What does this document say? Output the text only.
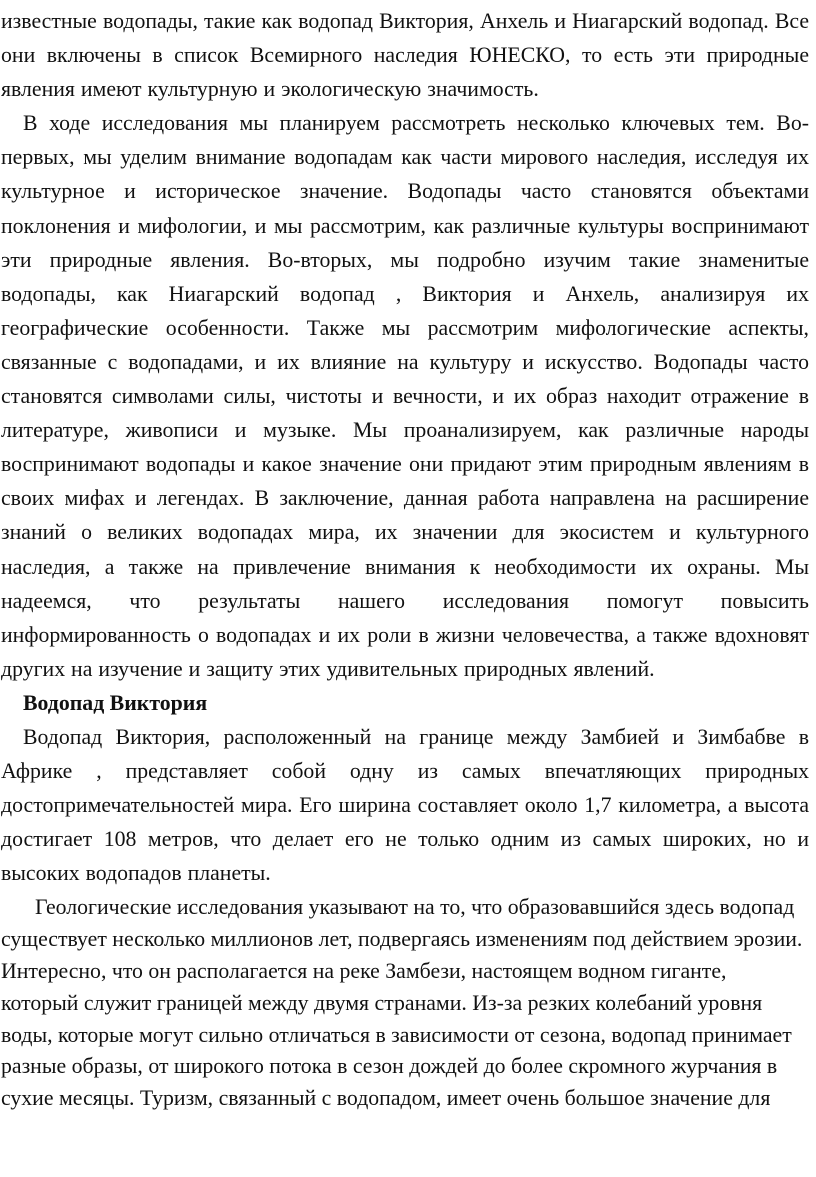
известные водопады, такие как водопад Виктория, Анхель и Ниагарский водопад. Все они включены в список Всемирного наследия ЮНЕСКО, то есть эти природные явления имеют культурную и экологическую значимость.

В ходе исследования мы планируем рассмотреть несколько ключевых тем. Во-первых, мы уделим внимание водопадам как части мирового наследия, исследуя их культурное и историческое значение. Водопады часто становятся объектами поклонения и мифологии, и мы рассмотрим, как различные культуры воспринимают эти природные явления. Во-вторых, мы подробно изучим такие знаменитые водопады, как Ниагарский водопад , Виктория и Анхель, анализируя их географические особенности. Также мы рассмотрим мифологические аспекты, связанные с водопадами, и их влияние на культуру и искусство. Водопады часто становятся символами силы, чистоты и вечности, и их образ находит отражение в литературе, живописи и музыке. Мы проанализируем, как различные народы воспринимают водопады и какое значение они придают этим природным явлениям в своих мифах и легендах. В заключение, данная работа направлена на расширение знаний о великих водопадах мира, их значении для экосистем и культурного наследия, а также на привлечение внимания к необходимости их охраны. Мы надеемся, что результаты нашего исследования помогут повысить информированность о водопадах и их роли в жизни человечества, а также вдохновят других на изучение и защиту этих удивительных природных явлений.

Водопад Виктория

Водопад Виктория, расположенный на границе между Замбией и Зимбабве в Африке , представляет собой одну из самых впечатляющих природных достопримечательностей мира. Его ширина составляет около 1,7 километра, а высота достигает 108 метров, что делает его не только одним из самых широких, но и высоких водопадов планеты.

Геологические исследования указывают на то, что образовавшийся здесь водопад существует несколько миллионов лет, подвергаясь изменениям под действием эрозии. Интересно, что он располагается на реке Замбези, настоящем водном гиганте, который служит границей между двумя странами. Из-за резких колебаний уровня воды, которые могут сильно отличаться в зависимости от сезона, водопад принимает разные образы, от широкого потока в сезон дождей до более скромного журчания в сухие месяцы. Туризм, связанный с водопадом, имеет очень большое значение для
